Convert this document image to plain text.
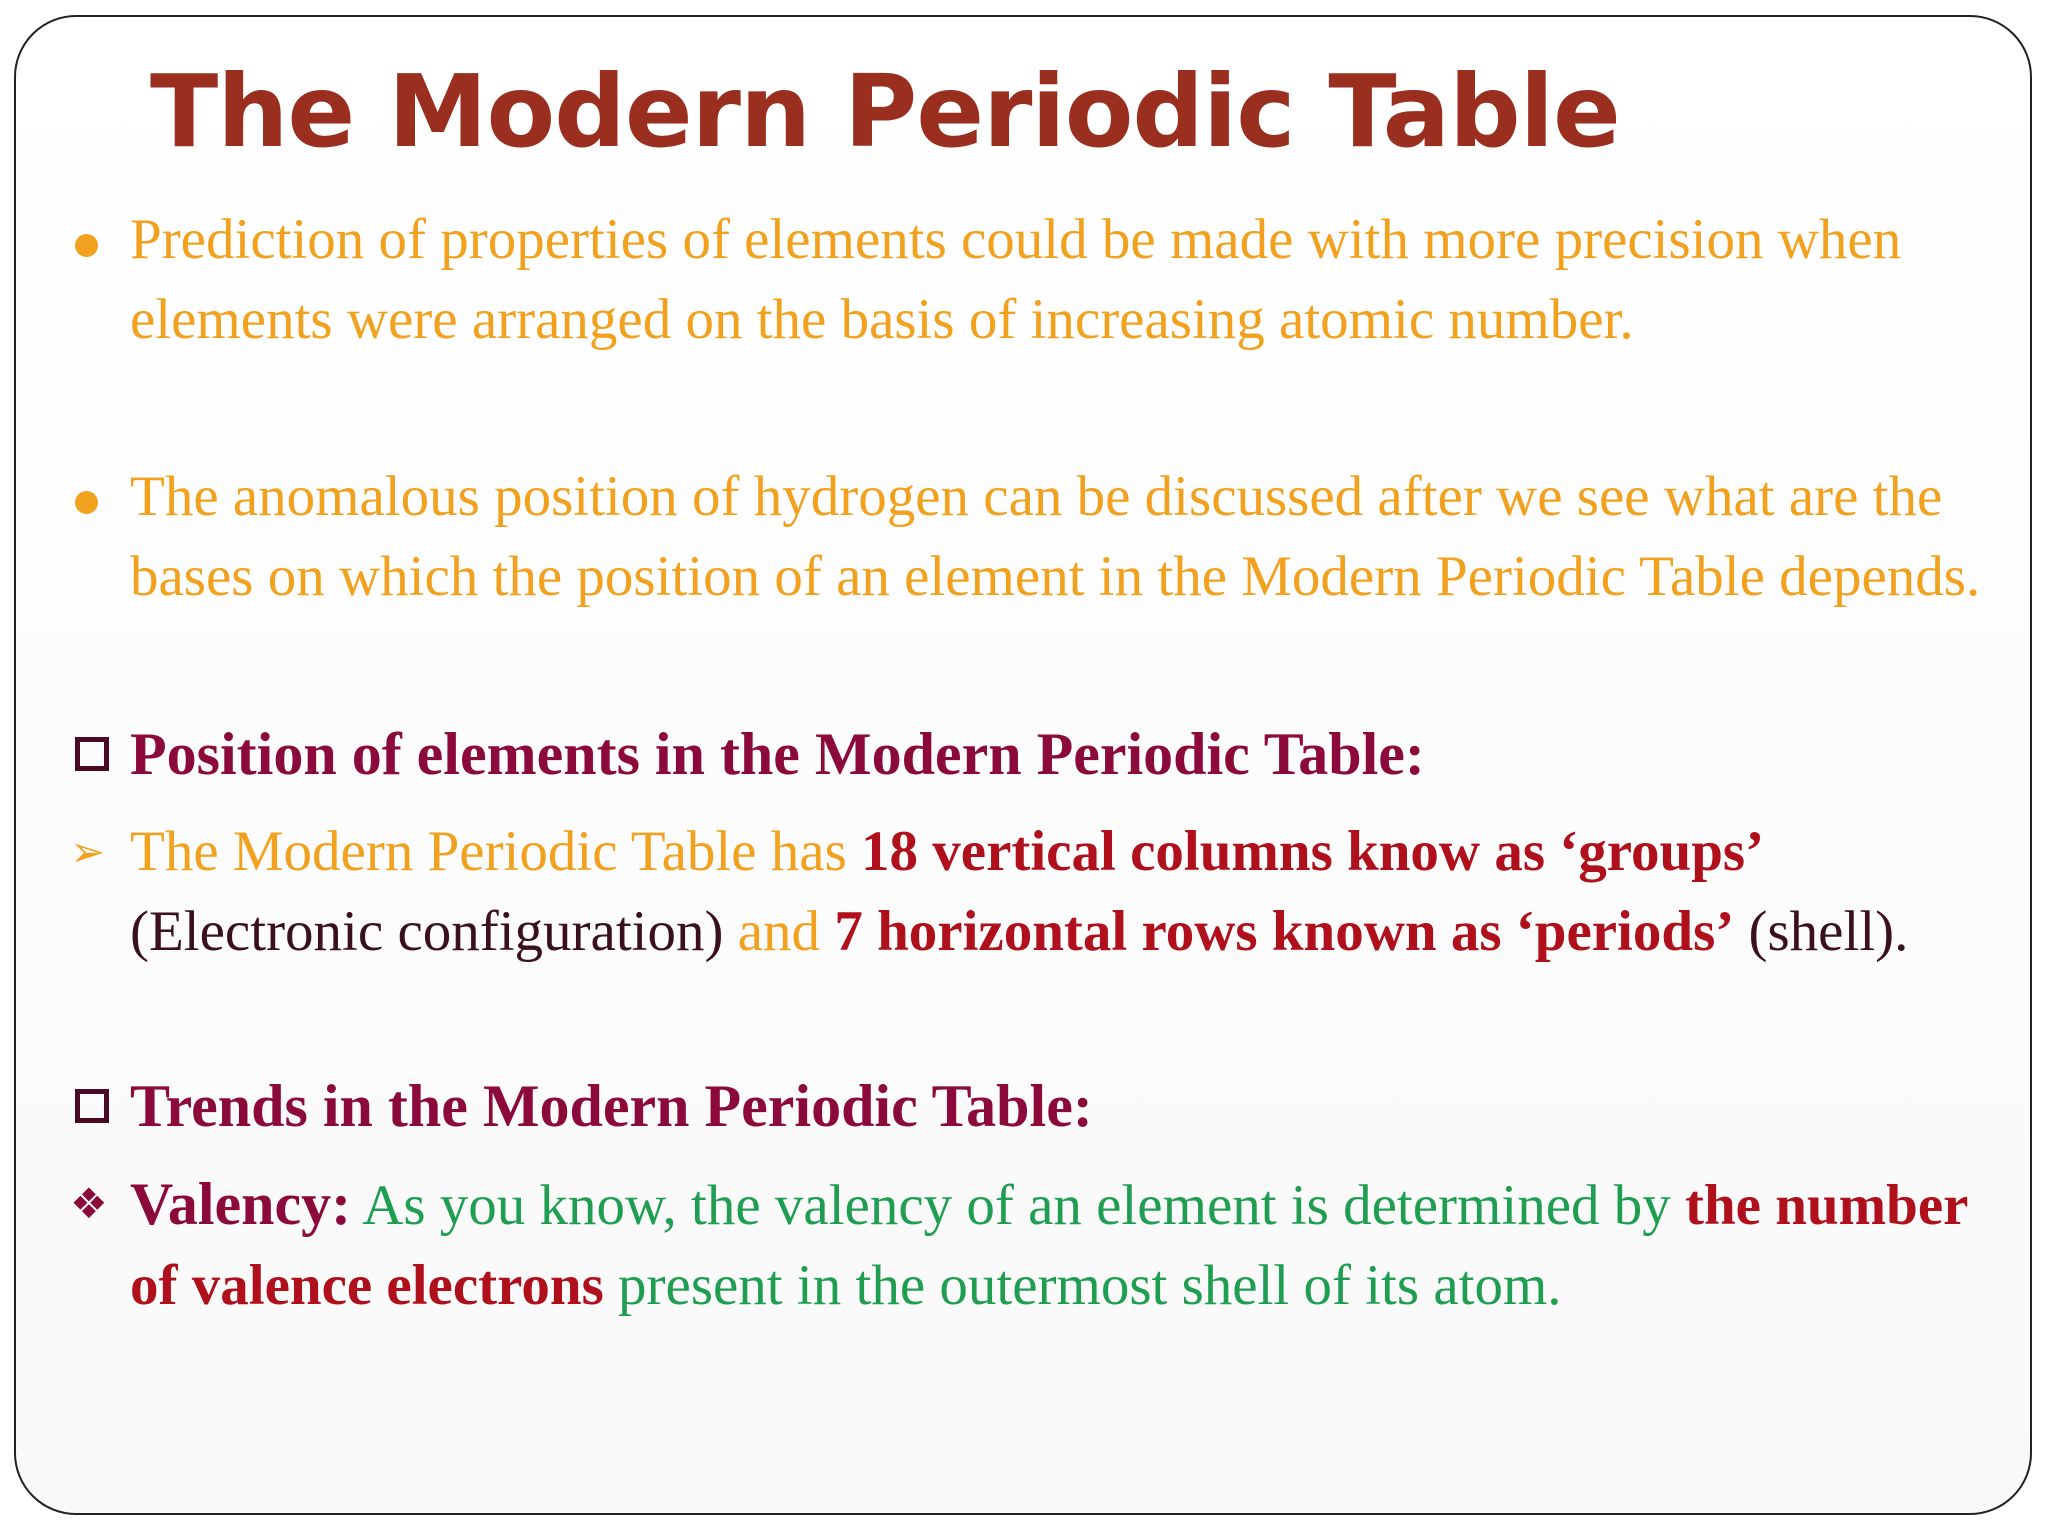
The Modern Periodic Table

Prediction of properties of elements could be made with more precision when elements were arranged on the basis of increasing atomic number.

The anomalous position of hydrogen can be discussed after we see what are the bases on which the position of an element in the Modern Periodic Table depends.

Position of elements in the Modern Periodic Table:

➢ The Modern Periodic Table has 18 vertical columns know as ‘groups’ (Electronic configuration) and 7 horizontal rows known as ‘periods’ (shell).

Trends in the Modern Periodic Table:

❖ Valency: As you know, the valency of an element is determined by the number of valence electrons present in the outermost shell of its atom.
